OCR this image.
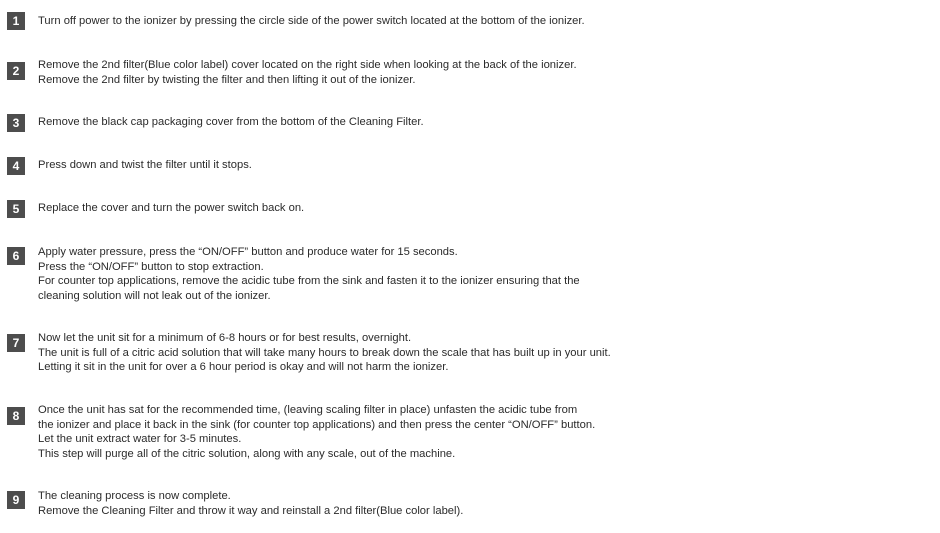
1	Turn off power to the ionizer by pressing the circle side of the power switch located at the bottom of the ionizer.
2	Remove the 2nd filter(Blue color label) cover located on the right side when looking at the back of the ionizer.
Remove the 2nd filter by twisting the filter and then lifting it out of the ionizer.
3	Remove the black cap packaging cover from the bottom of the Cleaning Filter.
4	Press down and twist the filter until it stops.
5	Replace the cover and turn the power switch back on.
6	Apply water pressure, press the “ON/OFF” button and produce water for 15 seconds.
Press the “ON/OFF” button to stop extraction.
For counter top applications, remove the acidic tube from the sink and fasten it to the ionizer ensuring that the
cleaning solution will not leak out of the ionizer.
7	Now let the unit sit for a minimum of 6-8 hours or for best results, overnight.
The unit is full of a citric acid solution that will take many hours to break down the scale that has built up in your unit.
Letting it sit in the unit for over a 6 hour period is okay and will not harm the ionizer.
8	Once the unit has sat for the recommended time, (leaving scaling filter in place) unfasten the acidic tube from
the ionizer and place it back in the sink (for counter top applications) and then press the center “ON/OFF” button.
Let the unit extract water for 3-5 minutes.
This step will purge all of the citric solution, along with any scale, out of the machine.
9	The cleaning process is now complete.
Remove the Cleaning Filter and throw it way and reinstall a 2nd filter(Blue color label).
